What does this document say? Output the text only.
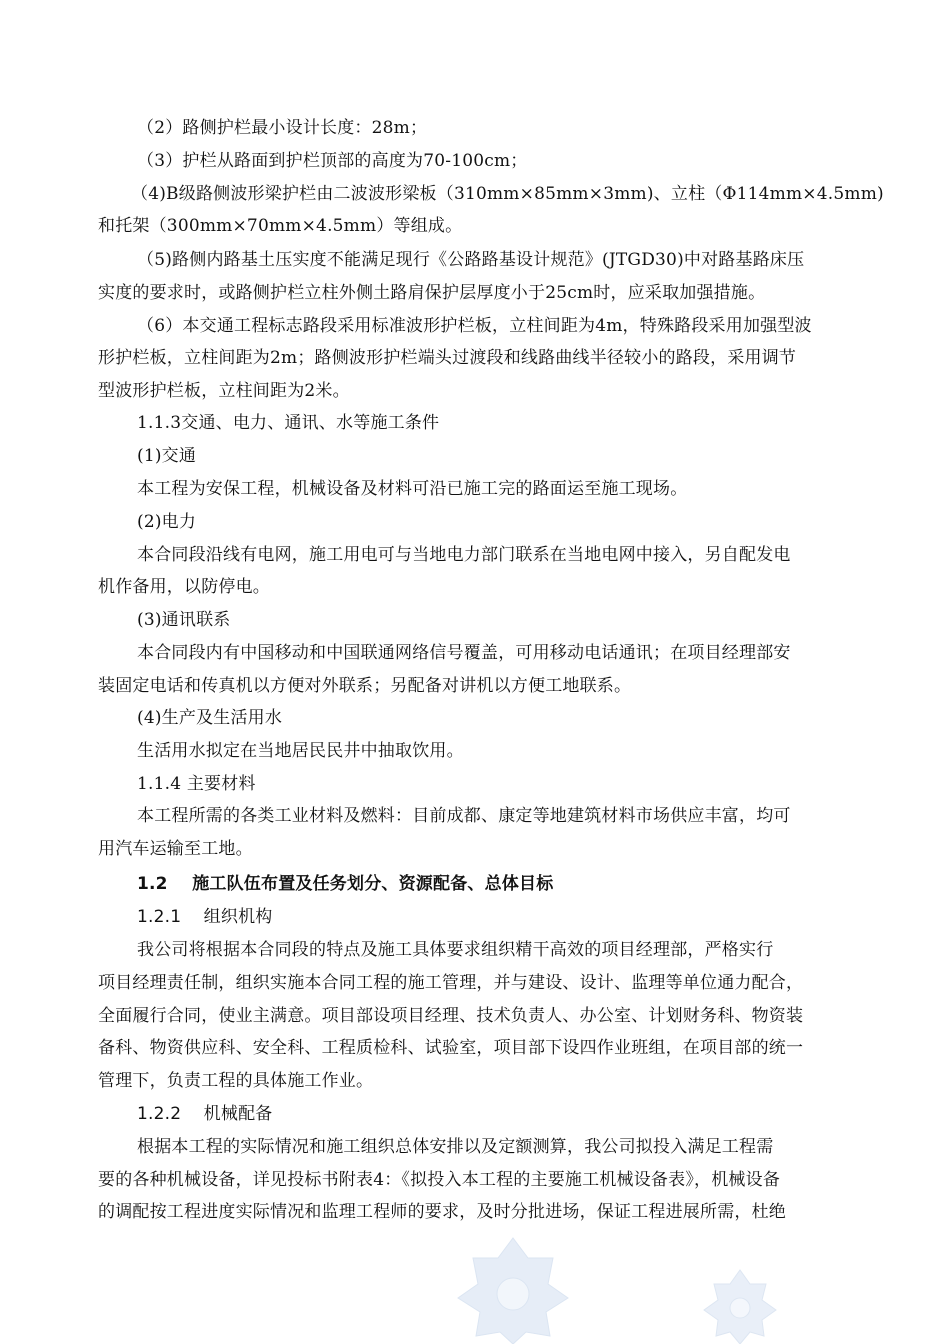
（2）路侧护栏最小设计长度：28m；
（3）护栏从路面到护栏顶部的高度为70-100cm；
（4)B级路侧波形梁护栏由二波波形梁板（310mm×85mm×3mm)、立柱（Φ114mm×4.5mm)
和托架（300mm×70mm×4.5mm）等组成。
（5)路侧内路基土压实度不能满足现行《公路路基设计规范》(JTGD30)中对路基路床压
实度的要求时，或路侧护栏立柱外侧土路肩保护层厚度小于25cm时，应采取加强措施。
（6）本交通工程标志路段采用标准波形护栏板，立柱间距为4m，特殊路段采用加强型波
形护栏板，立柱间距为2m；路侧波形护栏端头过渡段和线路曲线半径较小的路段，采用调节
型波形护栏板，立柱间距为2米。
1.1.3交通、电力、通讯、水等施工条件
(1)交通
本工程为安保工程，机械设备及材料可沿已施工完的路面运至施工现场。
(2)电力
本合同段沿线有电网，施工用电可与当地电力部门联系在当地电网中接入，另自配发电
机作备用，以防停电。
(3)通讯联系
本合同段内有中国移动和中国联通网络信号覆盖，可用移动电话通讯；在项目经理部安
装固定电话和传真机以方便对外联系；另配备对讲机以方便工地联系。
(4)生产及生活用水
生活用水拟定在当地居民民井中抽取饮用。
1.1.4 主要材料
本工程所需的各类工业材料及燃料：目前成都、康定等地建筑材料市场供应丰富，均可
用汽车运输至工地。
1.2    施工队伍布置及任务划分、资源配备、总体目标
1.2.1    组织机构
我公司将根据本合同段的特点及施工具体要求组织精干高效的项目经理部，严格实行
项目经理责任制，组织实施本合同工程的施工管理，并与建设、设计、监理等单位通力配合，
全面履行合同，使业主满意。项目部设项目经理、技术负责人、办公室、计划财务科、物资装
备科、物资供应科、安全科、工程质检科、试验室，项目部下设四作业班组，在项目部的统一
管理下，负责工程的具体施工作业。
1.2.2    机械配备
根据本工程的实际情况和施工组织总体安排以及定额测算，我公司拟投入满足工程需
要的各种机械设备，详见投标书附表4：《拟投入本工程的主要施工机械设备表》，机械设备
的调配按工程进度实际情况和监理工程师的要求，及时分批进场，保证工程进展所需，杜绝
